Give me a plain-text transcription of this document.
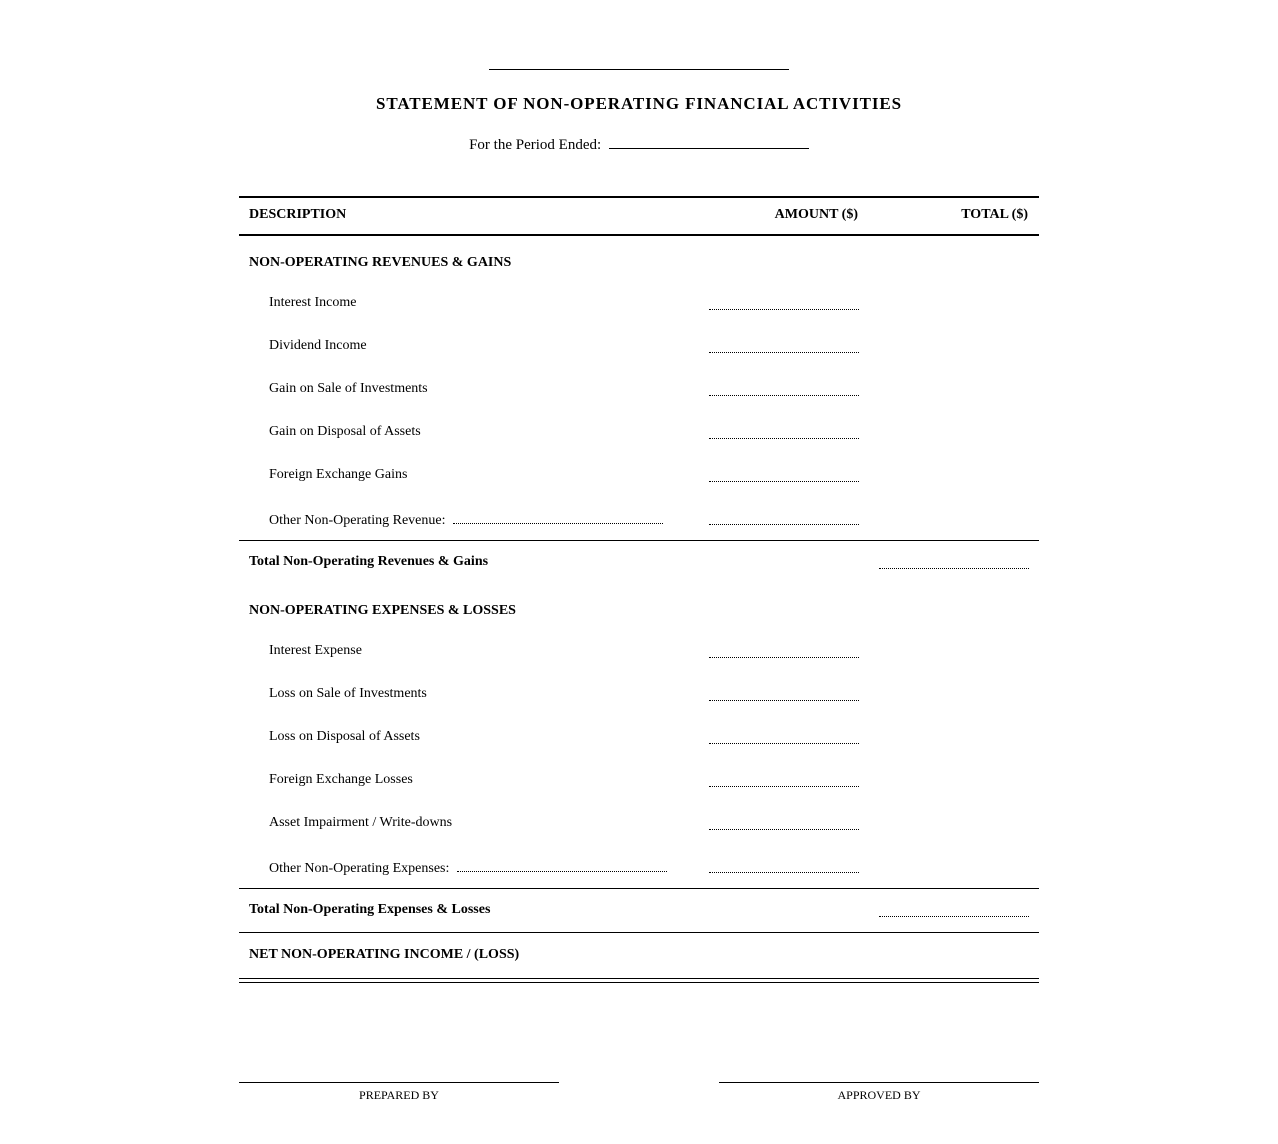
STATEMENT OF NON-OPERATING FINANCIAL ACTIVITIES
For the Period Ended:
DESCRIPTION	AMOUNT ($)	TOTAL ($)
NON-OPERATING REVENUES & GAINS
Interest Income
Dividend Income
Gain on Sale of Investments
Gain on Disposal of Assets
Foreign Exchange Gains
Other Non-Operating Revenue:
Total Non-Operating Revenues & Gains
NON-OPERATING EXPENSES & LOSSES
Interest Expense
Loss on Sale of Investments
Loss on Disposal of Assets
Foreign Exchange Losses
Asset Impairment / Write-downs
Other Non-Operating Expenses:
Total Non-Operating Expenses & Losses
NET NON-OPERATING INCOME / (LOSS)
PREPARED BY	APPROVED BY
